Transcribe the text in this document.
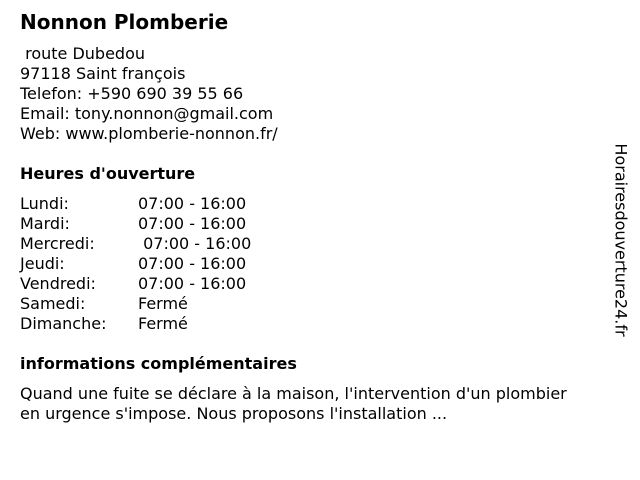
Nonnon Plomberie
route Dubedou
97118 Saint françois
Telefon: +590 690 39 55 66
Email: tony.nonnon@gmail.com
Web: www.plomberie-nonnon.fr/
Heures d'ouverture
Lundi:	07:00 - 16:00
Mardi:	07:00 - 16:00
Mercredi:	07:00 - 16:00
Jeudi:	07:00 - 16:00
Vendredi:	07:00 - 16:00
Samedi:	Fermé
Dimanche:	Fermé
informations complémentaires
Quand une fuite se déclare à la maison, l'intervention d'un plombier en urgence s'impose. Nous proposons l'installation ...
Horairesdouverture24.fr
